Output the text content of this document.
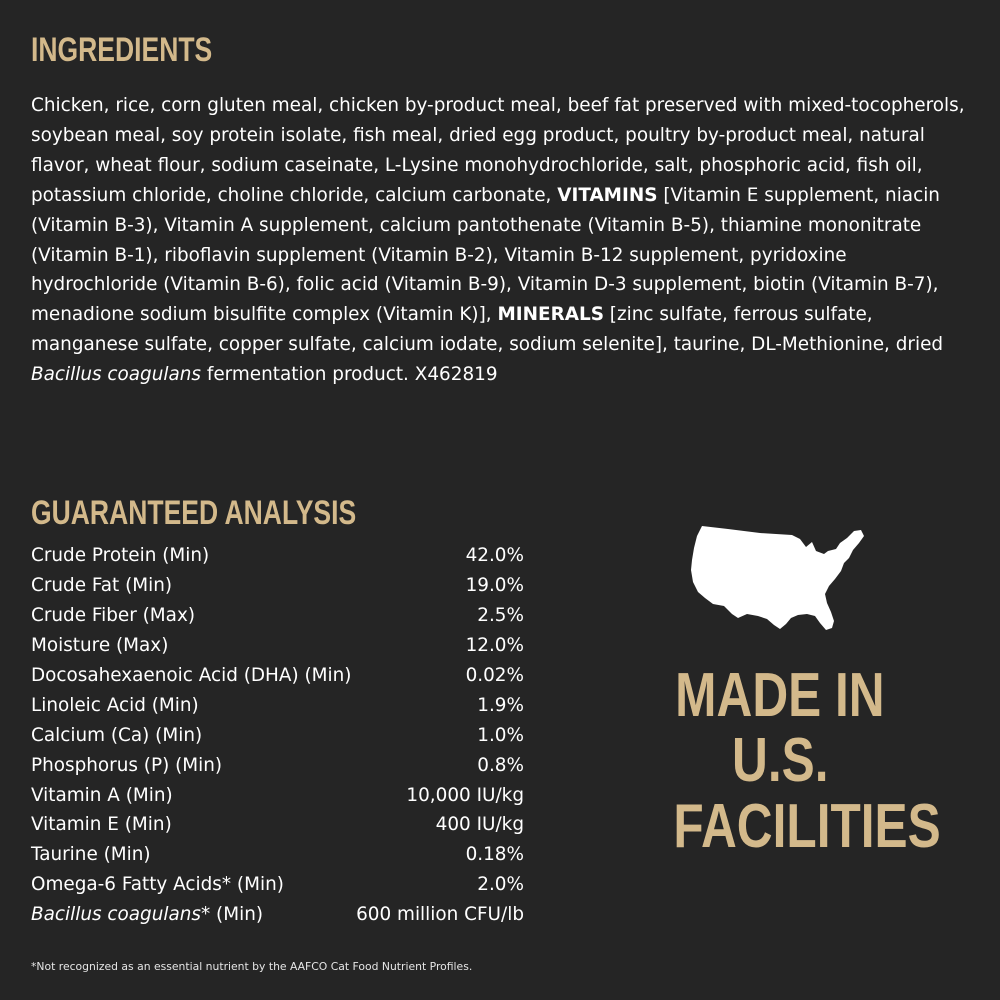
INGREDIENTS

Chicken, rice, corn gluten meal, chicken by-product meal, beef fat preserved with mixed-tocopherols, soybean meal, soy protein isolate, fish meal, dried egg product, poultry by-product meal, natural flavor, wheat flour, sodium caseinate, L-Lysine monohydrochloride, salt, phosphoric acid, fish oil, potassium chloride, choline chloride, calcium carbonate, VITAMINS [Vitamin E supplement, niacin (Vitamin B-3), Vitamin A supplement, calcium pantothenate (Vitamin B-5), thiamine mononitrate (Vitamin B-1), riboflavin supplement (Vitamin B-2), Vitamin B-12 supplement, pyridoxine hydrochloride (Vitamin B-6), folic acid (Vitamin B-9), Vitamin D-3 supplement, biotin (Vitamin B-7), menadione sodium bisulfite complex (Vitamin K)], MINERALS [zinc sulfate, ferrous sulfate, manganese sulfate, copper sulfate, calcium iodate, sodium selenite], taurine, DL-Methionine, dried Bacillus coagulans fermentation product. X462819

GUARANTEED ANALYSIS
Crude Protein (Min)	42.0%
Crude Fat (Min)	19.0%
Crude Fiber (Max)	2.5%
Moisture (Max)	12.0%
Docosahexaenoic Acid (DHA) (Min)	0.02%
Linoleic Acid (Min)	1.9%
Calcium (Ca) (Min)	1.0%
Phosphorus (P) (Min)	0.8%
Vitamin A (Min)	10,000 IU/kg
Vitamin E (Min)	400 IU/kg
Taurine (Min)	0.18%
Omega-6 Fatty Acids* (Min)	2.0%
Bacillus coagulans* (Min)	600 million CFU/lb

*Not recognized as an essential nutrient by the AAFCO Cat Food Nutrient Profiles.

MADE IN
U.S.
FACILITIES
